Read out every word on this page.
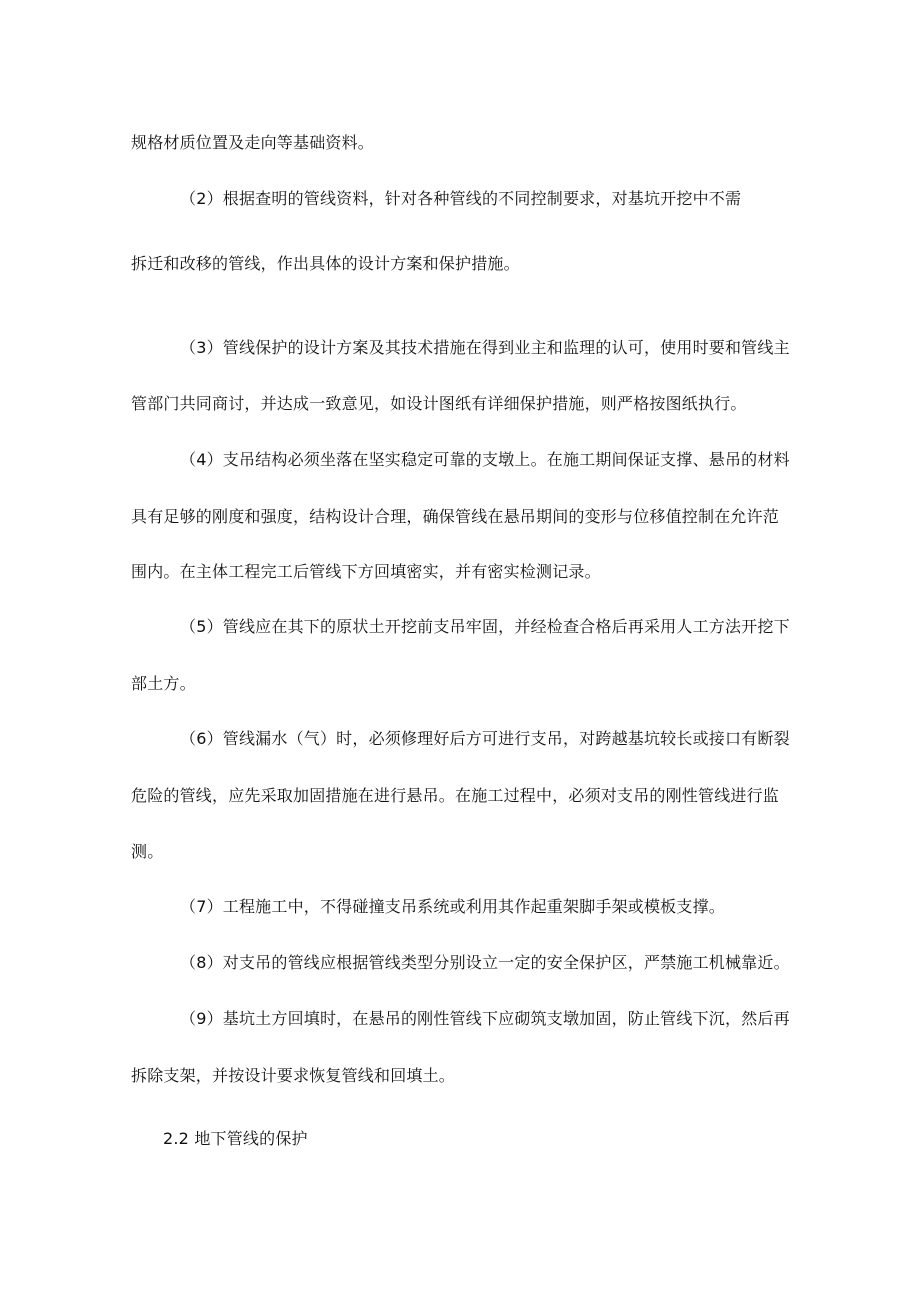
规格材质位置及走向等基础资料。
（2）根据查明的管线资料，针对各种管线的不同控制要求，对基坑开挖中不需
拆迁和改移的管线，作出具体的设计方案和保护措施。
（3）管线保护的设计方案及其技术措施在得到业主和监理的认可，使用时要和管线主
管部门共同商讨，并达成一致意见，如设计图纸有详细保护措施，则严格按图纸执行。
（4）支吊结构必须坐落在坚实稳定可靠的支墩上。在施工期间保证支撑、悬吊的材料
具有足够的刚度和强度，结构设计合理，确保管线在悬吊期间的变形与位移值控制在允许范
围内。在主体工程完工后管线下方回填密实，并有密实检测记录。
（5）管线应在其下的原状土开挖前支吊牢固，并经检查合格后再采用人工方法开挖下
部土方。
（6）管线漏水（气）时，必须修理好后方可进行支吊，对跨越基坑较长或接口有断裂
危险的管线，应先采取加固措施在进行悬吊。在施工过程中，必须对支吊的刚性管线进行监
测。
（7）工程施工中，不得碰撞支吊系统或利用其作起重架脚手架或模板支撑。
（8）对支吊的管线应根据管线类型分别设立一定的安全保护区，严禁施工机械靠近。
（9）基坑土方回填时，在悬吊的刚性管线下应砌筑支墩加固，防止管线下沉，然后再
拆除支架，并按设计要求恢复管线和回填土。
2.2 地下管线的保护
